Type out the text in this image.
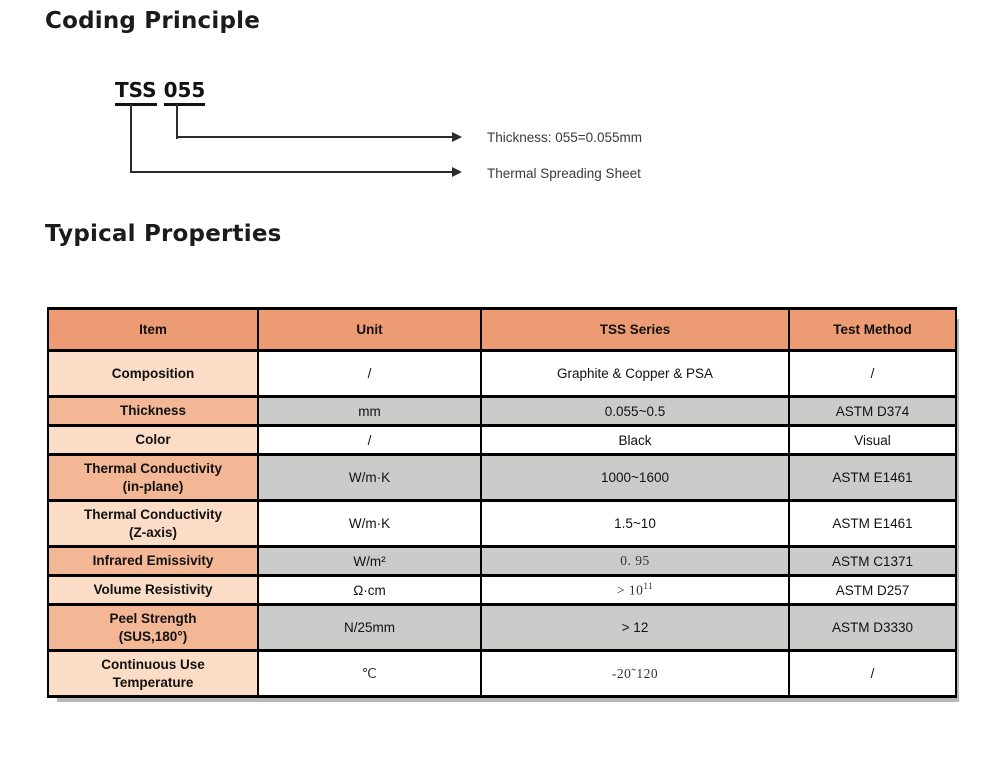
Coding Principle
TSS 055
Thickness: 055=0.055mm
Thermal Spreading Sheet
Typical Properties
Item	Unit	TSS Series	Test Method

Composition	/	Graphite & Copper & PSA	/

Thickness	mm	0.055~0.5	ASTM D374

Color	/	Black	Visual

Thermal Conductivity
(in-plane)	W/m·K	1000~1600	ASTM E1461

Thermal Conductivity
(Z-axis)	W/m·K	1.5~10	ASTM E1461

Infrared Emissivity	W/m²	0. 95	ASTM C1371

Volume Resistivity	Ω·cm	> $10^{11}$	ASTM D257

Peel Strength
(SUS,180°)	N/25mm	> 12	ASTM D3330

Continuous Use
Temperature	℃	-20˜120	/
